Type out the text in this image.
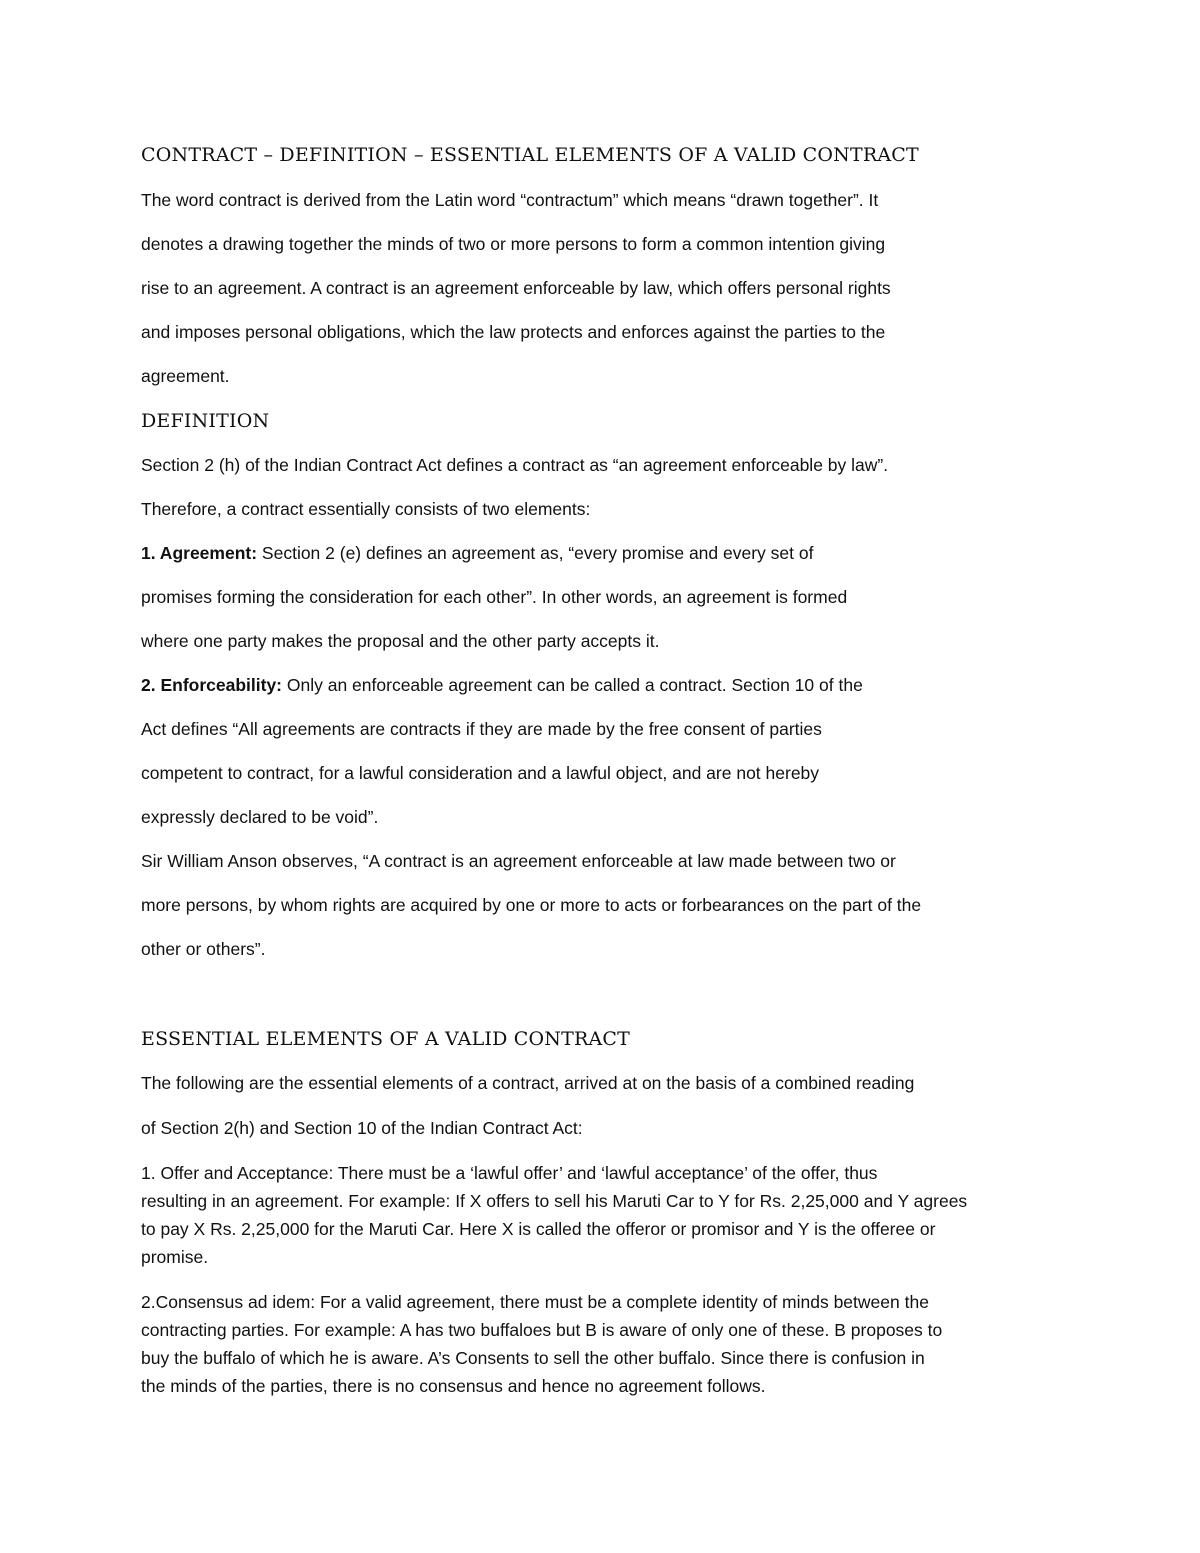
CONTRACT – DEFINITION – ESSENTIAL ELEMENTS OF A VALID CONTRACT
The word contract is derived from the Latin word “contractum” which means “drawn together”. It
denotes a drawing together the minds of two or more persons to form a common intention giving
rise to an agreement. A contract is an agreement enforceable by law, which offers personal rights
and imposes personal obligations, which the law protects and enforces against the parties to the
agreement.
DEFINITION
Section 2 (h) of the Indian Contract Act defines a contract as “an agreement enforceable by law”.
Therefore, a contract essentially consists of two elements:
1. Agreement: Section 2 (e) defines an agreement as, “every promise and every set of
promises forming the consideration for each other”. In other words, an agreement is formed
where one party makes the proposal and the other party accepts it.
2. Enforceability: Only an enforceable agreement can be called a contract. Section 10 of the
Act defines “All agreements are contracts if they are made by the free consent of parties
competent to contract, for a lawful consideration and a lawful object, and are not hereby
expressly declared to be void”.
Sir William Anson observes, “A contract is an agreement enforceable at law made between two or
more persons, by whom rights are acquired by one or more to acts or forbearances on the part of the
other or others”.
ESSENTIAL ELEMENTS OF A VALID CONTRACT
The following are the essential elements of a contract, arrived at on the basis of a combined reading
of Section 2(h) and Section 10 of the Indian Contract Act:
1. Offer and Acceptance: There must be a ‘lawful offer’ and ‘lawful acceptance’ of the offer, thus
resulting in an agreement. For example: If X offers to sell his Maruti Car to Y for Rs. 2,25,000 and Y agrees
to pay X Rs. 2,25,000 for the Maruti Car. Here X is called the offeror or promisor and Y is the offeree or
promise.
2.Consensus ad idem: For a valid agreement, there must be a complete identity of minds between the
contracting parties. For example: A has two buffaloes but B is aware of only one of these. B proposes to
buy the buffalo of which he is aware. A’s Consents to sell the other buffalo. Since there is confusion in
the minds of the parties, there is no consensus and hence no agreement follows.
